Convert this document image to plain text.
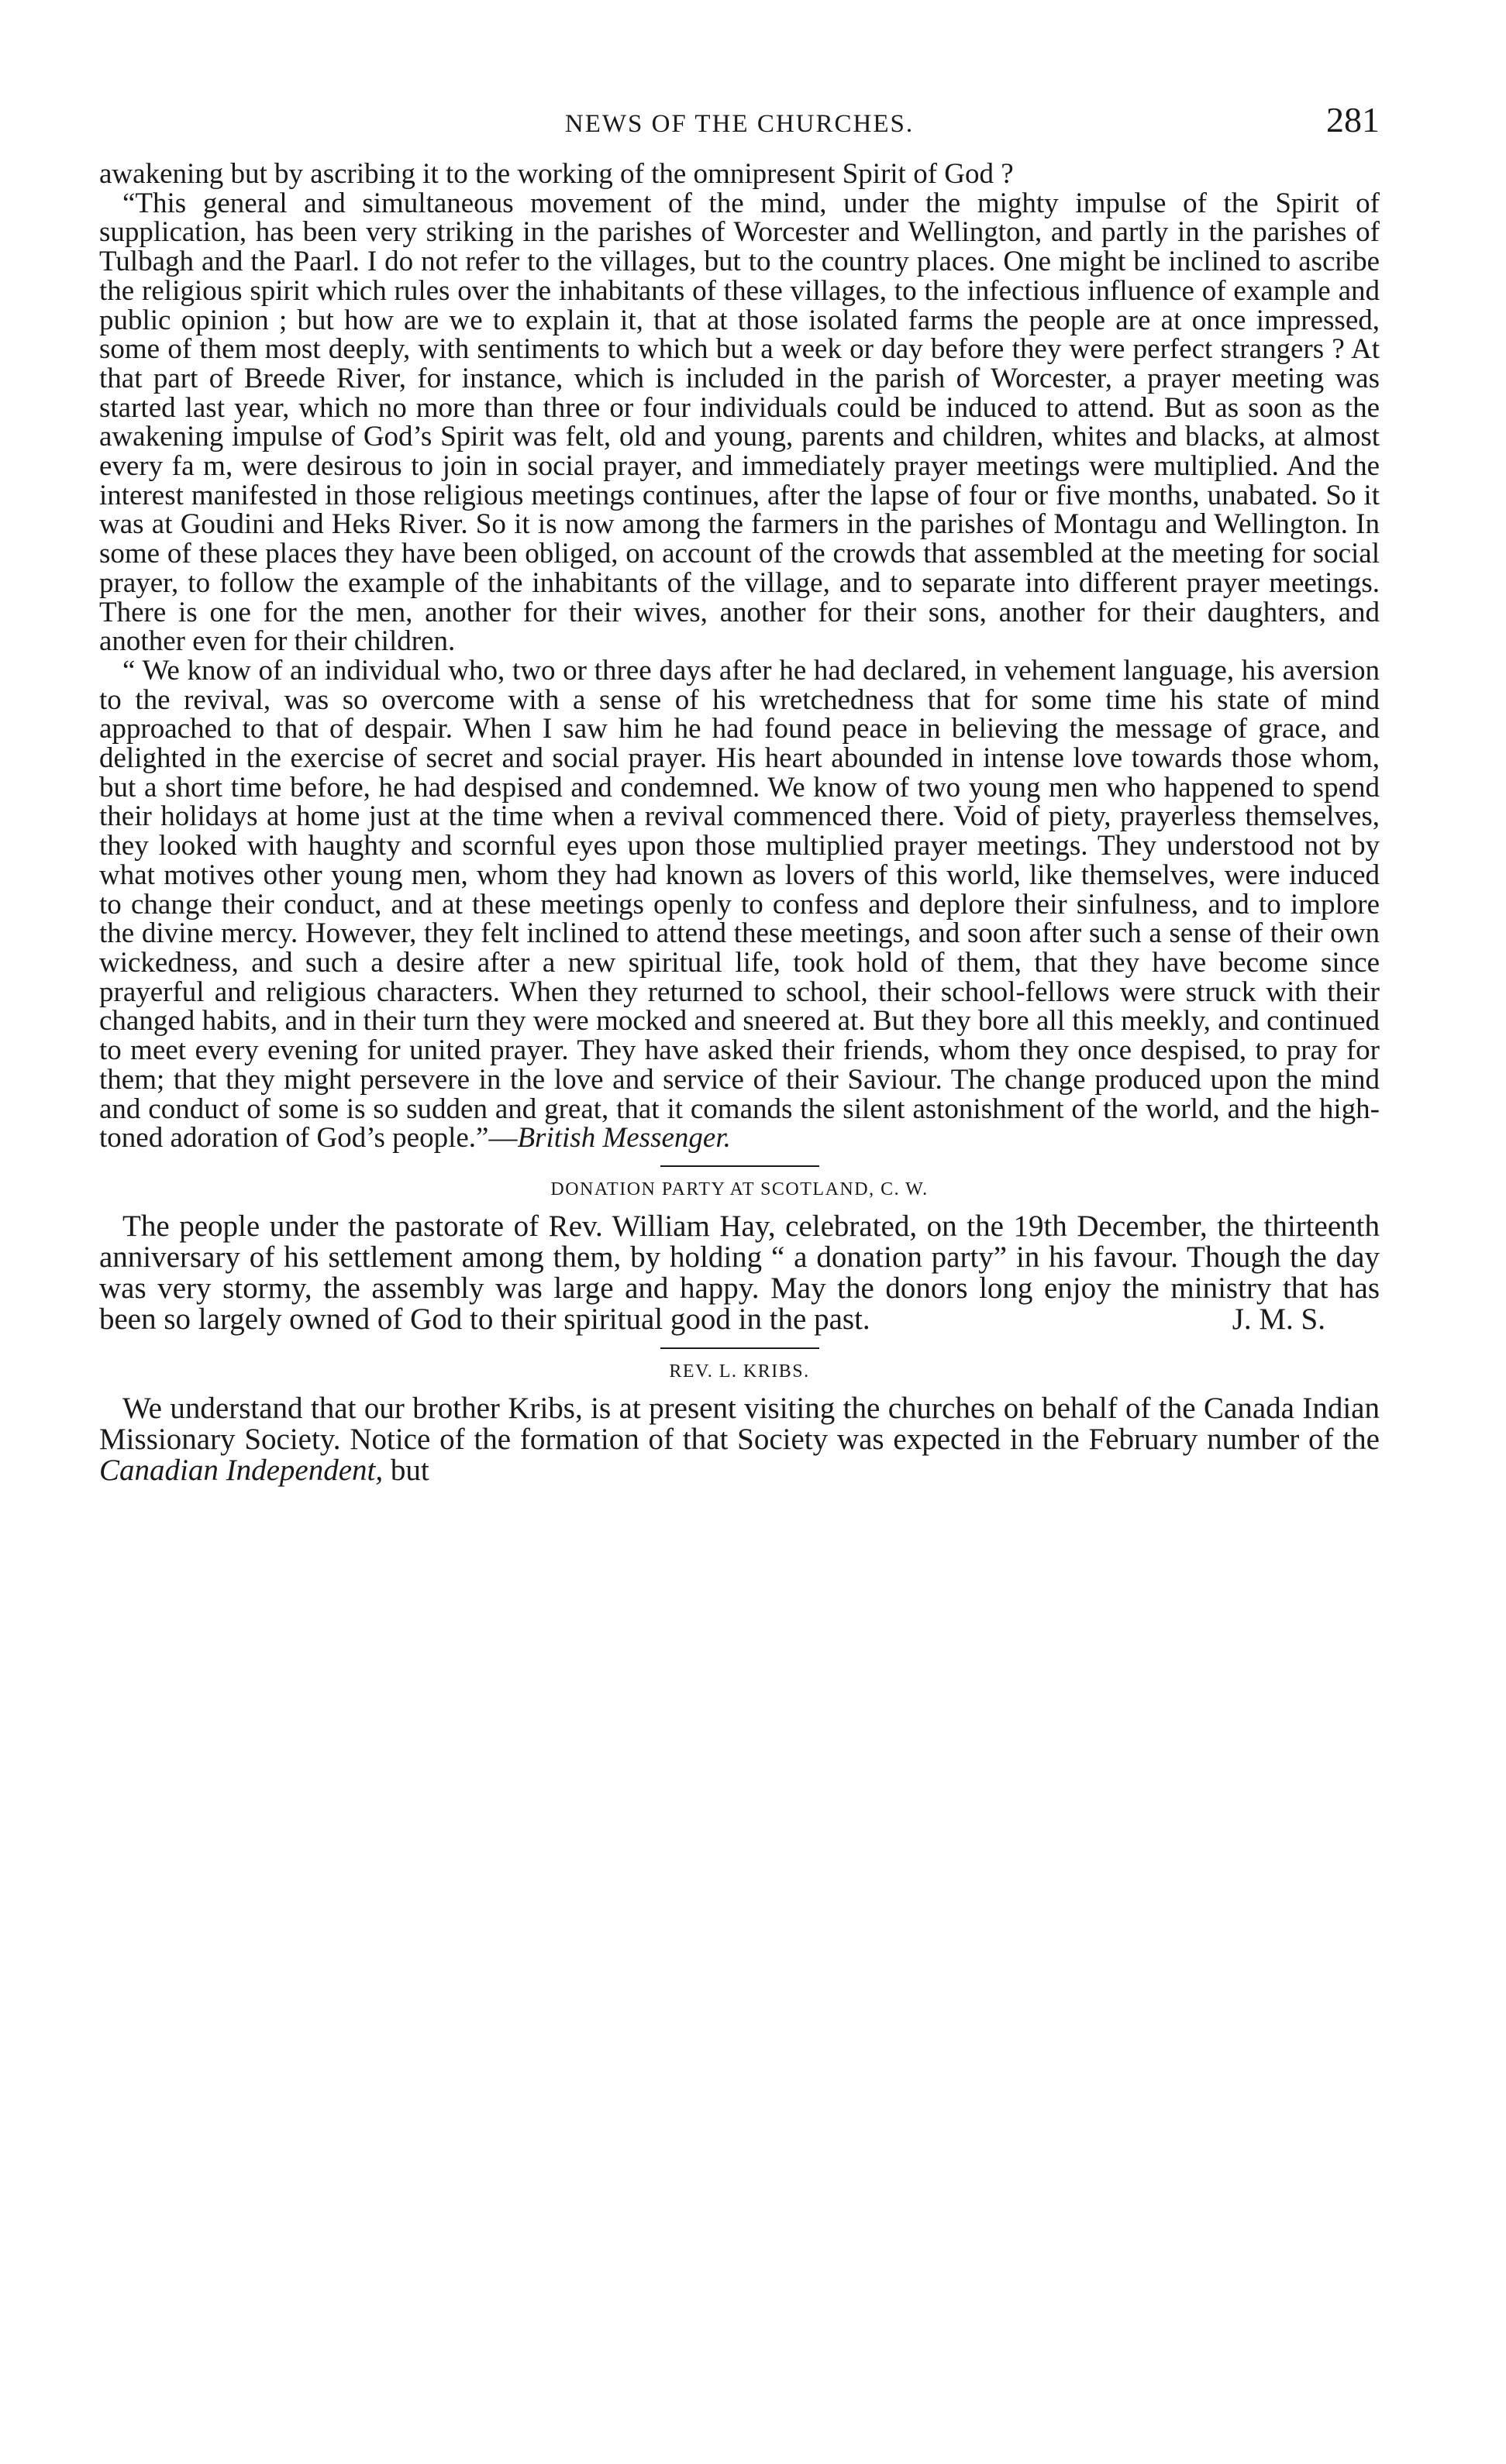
NEWS OF THE CHURCHES.	281

awakening but by ascribing it to the working of the omnipresent Spirit of God ?

“This general and simultaneous movement of the mind, under the mighty impulse of the Spirit of supplication, has been very striking in the parishes of Worcester and Wellington, and partly in the parishes of Tulbagh and the Paarl. I do not refer to the villages, but to the country places. One might be inclined to ascribe the religious spirit which rules over the inhabitants of these villages, to the infectious influence of example and public opinion ; but how are we to explain it, that at those isolated farms the people are at once impressed, some of them most deeply, with sentiments to which but a week or day before they were perfect strangers ? At that part of Breede River, for instance, which is included in the parish of Worcester, a prayer meeting was started last year, which no more than three or four individuals could be induced to attend. But as soon as the awakening impulse of God’s Spirit was felt, old and young, parents and children, whites and blacks, at almost every fa m, were desirous to join in social prayer, and immediately prayer meetings were multiplied. And the interest manifested in those religious meetings continues, after the lapse of four or five months, unabated. So it was at Goudini and Heks River. So it is now among the farmers in the parishes of Montagu and Wellington. In some of these places they have been obliged, on account of the crowds that assembled at the meeting for social prayer, to follow the example of the inhabitants of the village, and to separate into different prayer meetings. There is one for the men, another for their wives, another for their sons, another for their daughters, and another even for their children.

“ We know of an individual who, two or three days after he had declared, in vehement language, his aversion to the revival, was so overcome with a sense of his wretchedness that for some time his state of mind approached to that of despair. When I saw him he had found peace in believing the message of grace, and delighted in the exercise of secret and social prayer. His heart abounded in intense love towards those whom, but a short time before, he had despised and condemned. We know of two young men who happened to spend their holidays at home just at the time when a revival commenced there. Void of piety, prayerless themselves, they looked with haughty and scornful eyes upon those multiplied prayer meetings. They understood not by what motives other young men, whom they had known as lovers of this world, like themselves, were induced to change their conduct, and at these meetings openly to confess and deplore their sinfulness, and to implore the divine mercy. However, they felt inclined to attend these meetings, and soon after such a sense of their own wickedness, and such a desire after a new spiritual life, took hold of them, that they have become since prayerful and religious characters. When they returned to school, their school-fellows were struck with their changed habits, and in their turn they were mocked and sneered at. But they bore all this meekly, and continued to meet every evening for united prayer. They have asked their friends, whom they once despised, to pray for them; that they might persevere in the love and service of their Saviour. The change produced upon the mind and conduct of some is so sudden and great, that it comands the silent astonishment of the world, and the high-toned adoration of God’s people.”—British Messenger.

DONATION PARTY AT SCOTLAND, C. W.

The people under the pastorate of Rev. William Hay, celebrated, on the 19th December, the thirteenth anniversary of his settlement among them, by holding “ a donation party” in his favour. Though the day was very stormy, the assembly was large and happy. May the donors long enjoy the ministry that has been so largely owned of God to their spiritual good in the past.	J. M. S.

REV. L. KRIBS.

We understand that our brother Kribs, is at present visiting the churches on behalf of the Canada Indian Missionary Society. Notice of the formation of that Society was expected in the February number of the Canadian Independent, but
